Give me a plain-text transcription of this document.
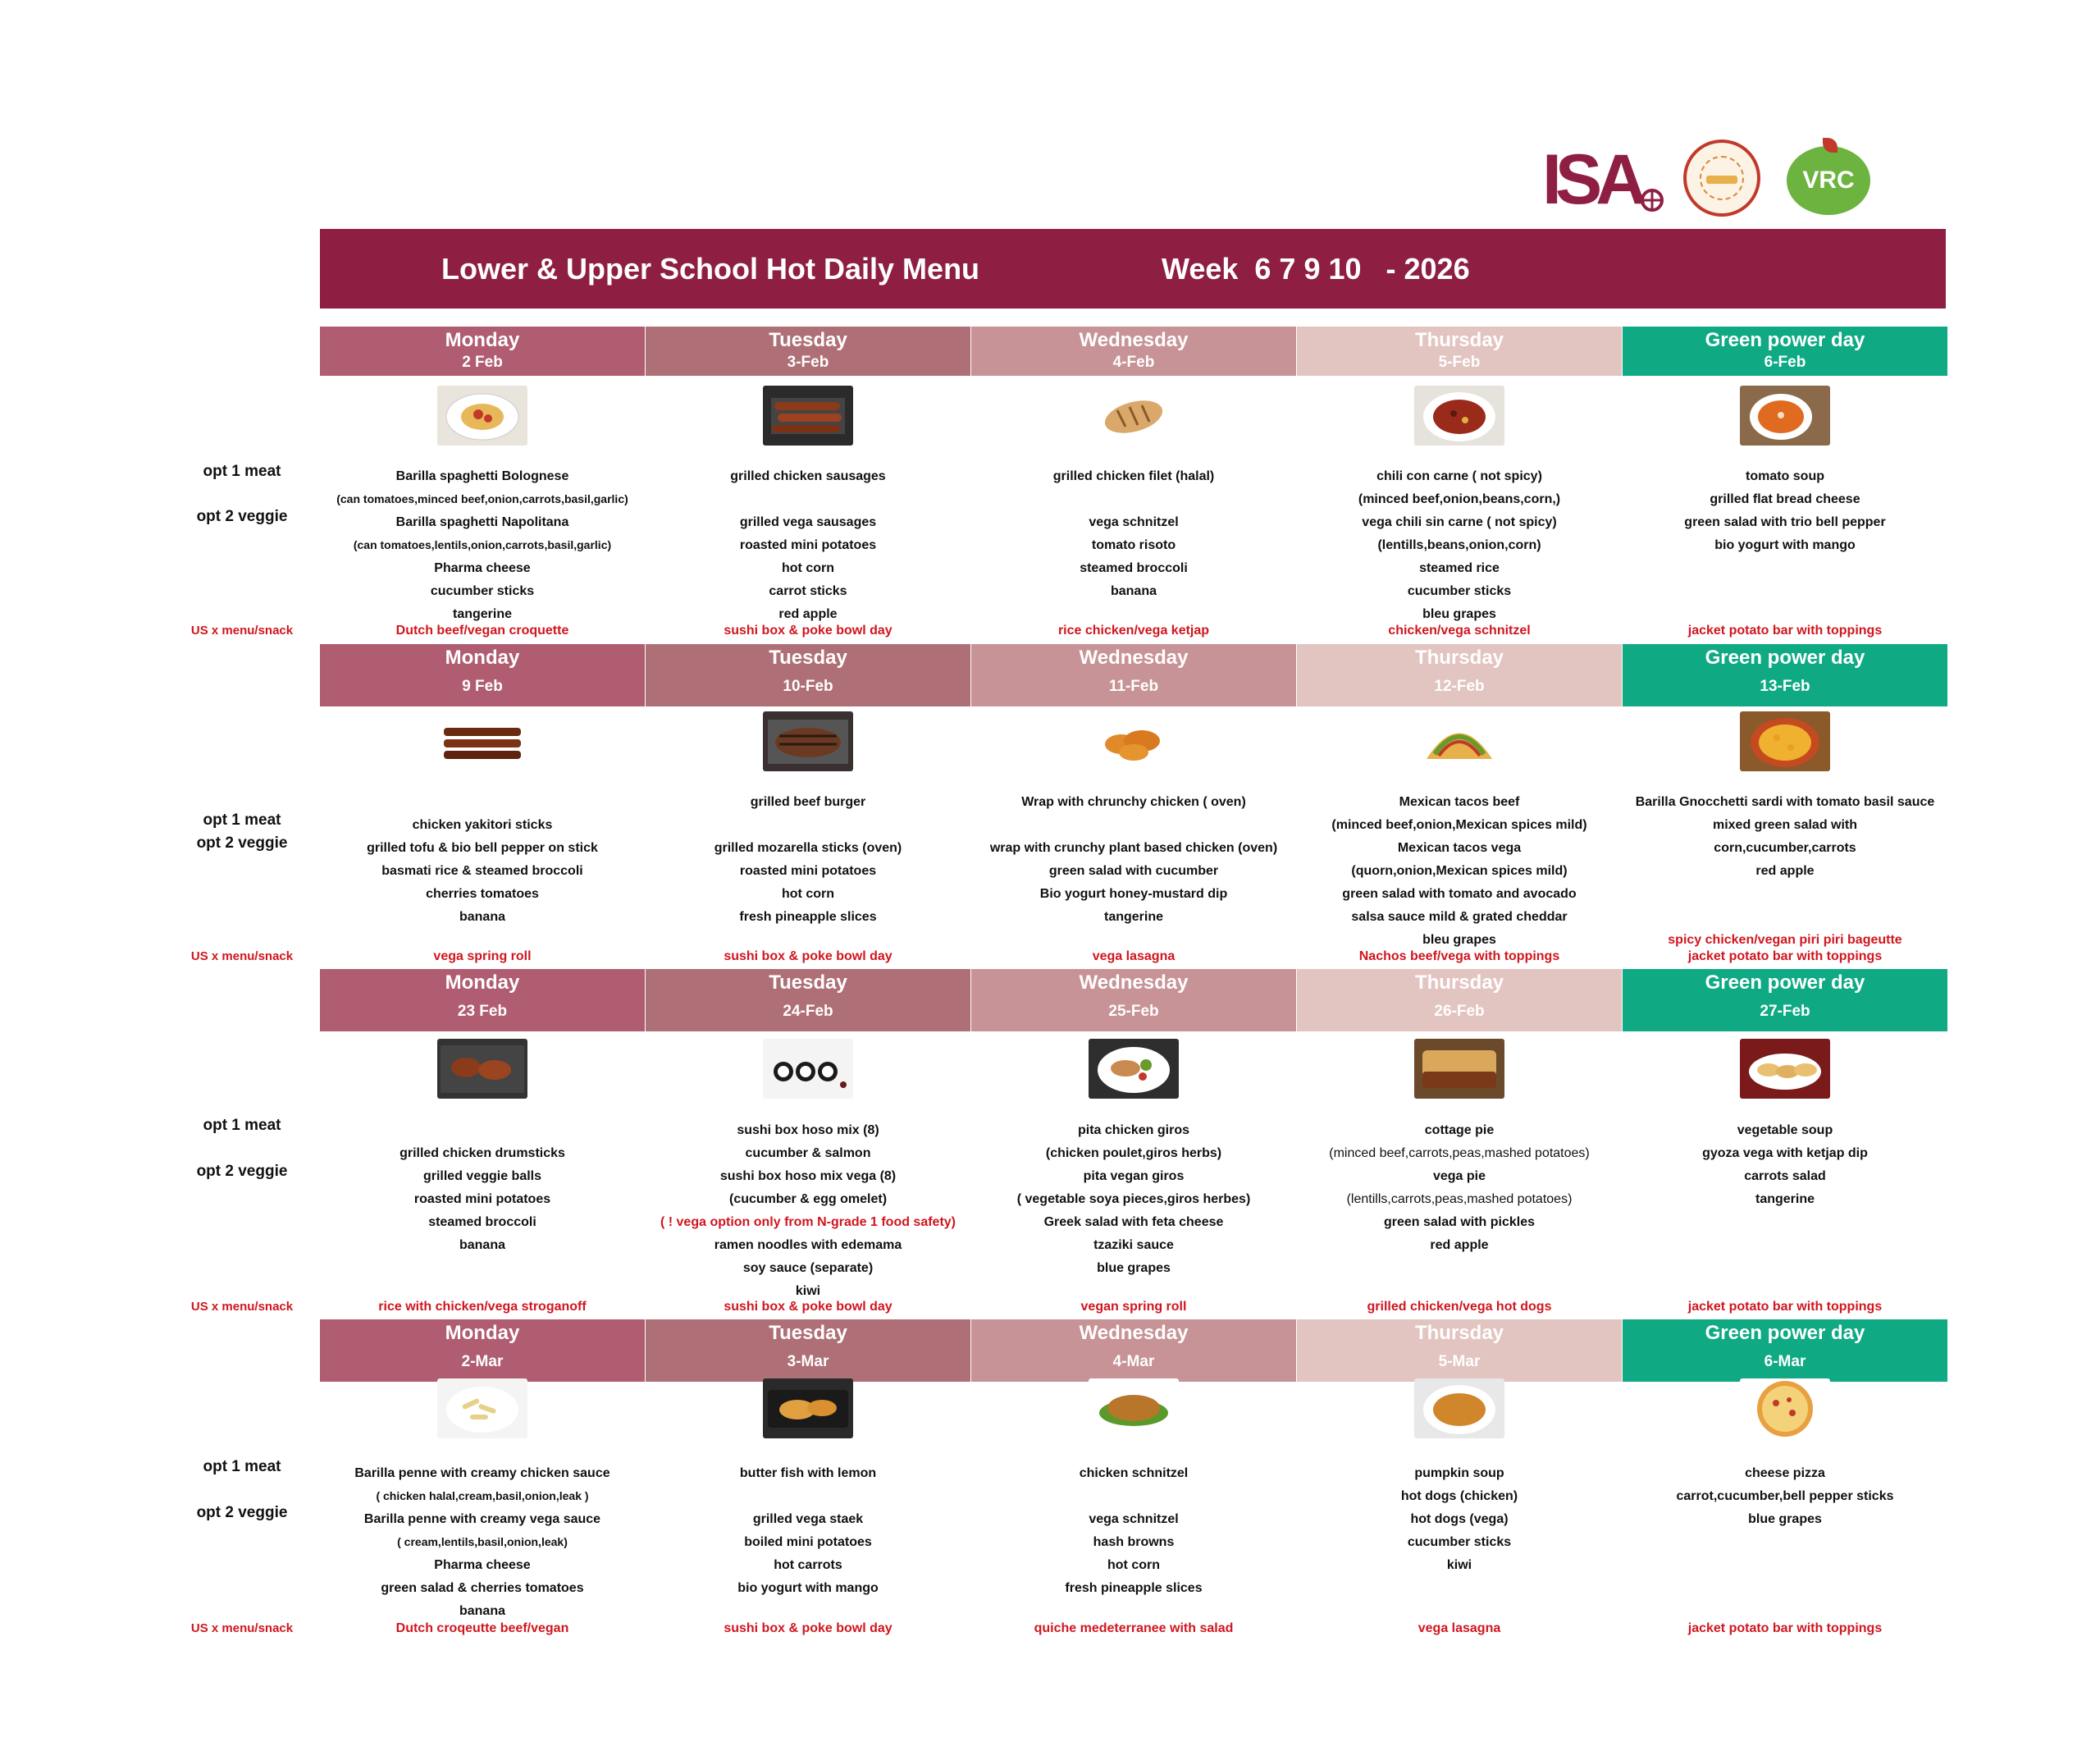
ISA	VRC
Lower & Upper School Hot Daily Menu	Week  6 7 9 10   - 2026
Monday
2 Feb
Barilla spaghetti Bolognese
(can tomatoes,minced beef,onion,carrots,basil,garlic)
Barilla spaghetti Napolitana
(can tomatoes,lentils,onion,carrots,basil,garlic)
Pharma cheese
cucumber sticks
tangerine
Dutch beef/vegan croquette
Tuesday
3-Feb
grilled chicken sausages
grilled vega sausages
roasted mini potatoes
hot corn
carrot sticks
red apple
sushi box & poke bowl day
Wednesday
4-Feb
grilled chicken filet (halal)
vega schnitzel
tomato risoto
steamed broccoli
banana
rice chicken/vega ketjap
Thursday
5-Feb
chili con carne ( not spicy)
(minced beef,onion,beans,corn,)
vega chili sin carne ( not spicy)
(lentills,beans,onion,corn)
steamed rice
cucumber sticks
bleu grapes
chicken/vega schnitzel
Green power day
6-Feb
tomato soup
grilled flat bread cheese
green salad with trio bell pepper
bio yogurt with mango
jacket potato bar with toppings
opt 1 meat
opt 2 veggie
US x menu/snack
Monday
9 Feb
chicken yakitori sticks
grilled tofu & bio bell pepper on stick
basmati rice & steamed broccoli
cherries tomatoes
banana
vega spring roll
Tuesday
10-Feb
grilled beef burger
grilled mozarella sticks (oven)
roasted mini potatoes
hot corn
fresh pineapple slices
sushi box & poke bowl day
Wednesday
11-Feb
Wrap with chrunchy chicken ( oven)
wrap with crunchy plant based chicken (oven)
green salad with cucumber
Bio yogurt honey-mustard dip
tangerine
vega lasagna
Thursday
12-Feb
Mexican tacos beef
(minced beef,onion,Mexican spices mild)
Mexican tacos vega
(quorn,onion,Mexican spices mild)
green salad with tomato and avocado
salsa sauce mild & grated cheddar
bleu grapes
Nachos beef/vega with toppings
Green power day
13-Feb
Barilla Gnocchetti sardi with tomato basil sauce
mixed green salad with
corn,cucumber,carrots
red apple
spicy chicken/vegan piri piri bageutte
jacket potato bar with toppings
opt 1 meat
opt 2 veggie
US x menu/snack
Monday
23 Feb
grilled chicken drumsticks
grilled veggie balls
roasted mini potatoes
steamed broccoli
banana
rice with chicken/vega stroganoff
Tuesday
24-Feb
sushi box hoso mix (8)
cucumber & salmon
sushi box hoso mix vega (8)
(cucumber & egg omelet)
( ! vega option only from N-grade 1 food safety)
ramen noodles with edemama
soy sauce (separate)
kiwi
sushi box & poke bowl day
Wednesday
25-Feb
pita chicken giros
(chicken poulet,giros herbs)
pita vegan giros
( vegetable soya pieces,giros herbes)
Greek salad with feta cheese
tzaziki sauce
blue grapes
vegan spring roll
Thursday
26-Feb
cottage pie
(minced beef,carrots,peas,mashed potatoes)
vega pie
(lentills,carrots,peas,mashed potatoes)
green salad with pickles
red apple
grilled chicken/vega hot dogs
Green power day
27-Feb
vegetable soup
gyoza vega with ketjap dip
carrots salad
tangerine
jacket potato bar with toppings
opt 1 meat
opt 2 veggie
US x menu/snack
Monday
2-Mar
Barilla penne with creamy chicken sauce
( chicken halal,cream,basil,onion,leak )
Barilla penne with creamy vega sauce
( cream,lentils,basil,onion,leak)
Pharma cheese
green salad & cherries tomatoes
banana
Dutch croqeutte beef/vegan
Tuesday
3-Mar
butter fish with lemon
grilled vega staek
boiled mini potatoes
hot carrots
bio yogurt with mango
sushi box & poke bowl day
Wednesday
4-Mar
chicken schnitzel
vega schnitzel
hash browns
hot corn
fresh pineapple slices
quiche medeterranee with salad
Thursday
5-Mar
pumpkin soup
hot dogs (chicken)
hot dogs (vega)
cucumber sticks
kiwi
vega lasagna
Green power day
6-Mar
cheese pizza
carrot,cucumber,bell pepper sticks
blue grapes
jacket potato bar with toppings
opt 1 meat
opt 2 veggie
US x menu/snack
